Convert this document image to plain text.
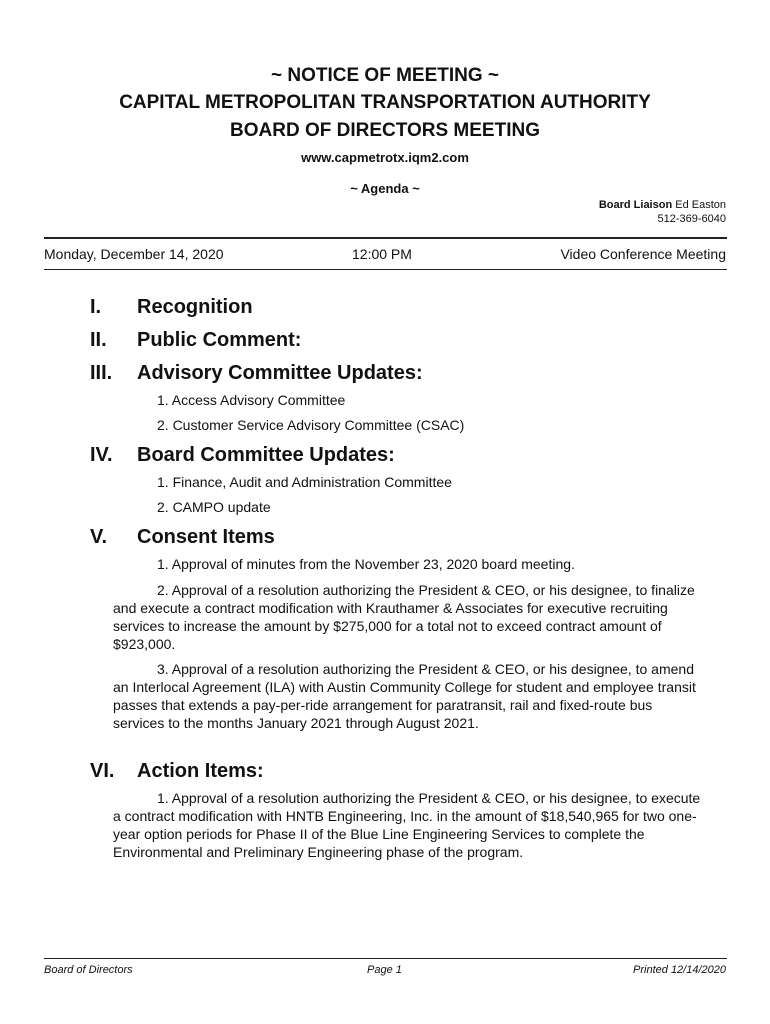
~ NOTICE OF MEETING ~
CAPITAL METROPOLITAN TRANSPORTATION AUTHORITY
BOARD OF DIRECTORS MEETING
www.capmetrotx.iqm2.com
~ Agenda ~
Board Liaison Ed Easton
512-369-6040
Monday, December 14, 2020	12:00 PM	Video Conference Meeting
I.	Recognition
II.	Public Comment:
III.	Advisory Committee Updates:
1. Access Advisory Committee
2. Customer Service Advisory Committee (CSAC)
IV.	Board Committee Updates:
1. Finance, Audit and Administration Committee
2. CAMPO update
V.	Consent Items
1. Approval of minutes from the November 23, 2020 board meeting.
2. Approval of a resolution authorizing the President & CEO, or his designee, to finalize and execute a contract modification with Krauthamer & Associates for executive recruiting services to increase the amount by $275,000 for a total not to exceed contract amount of $923,000.
3. Approval of a resolution authorizing the President & CEO, or his designee, to amend an Interlocal Agreement (ILA) with Austin Community College for student and employee transit passes that extends a pay-per-ride arrangement for paratransit, rail and fixed-route bus services to the months January 2021 through August 2021.
VI.	Action Items:
1. Approval of a resolution authorizing the President & CEO, or his designee, to execute a contract modification with HNTB Engineering, Inc. in the amount of $18,540,965 for two one-year option periods for Phase II of the Blue Line Engineering Services to complete the Environmental and Preliminary Engineering phase of the program.
Board of Directors	Page 1	Printed 12/14/2020
